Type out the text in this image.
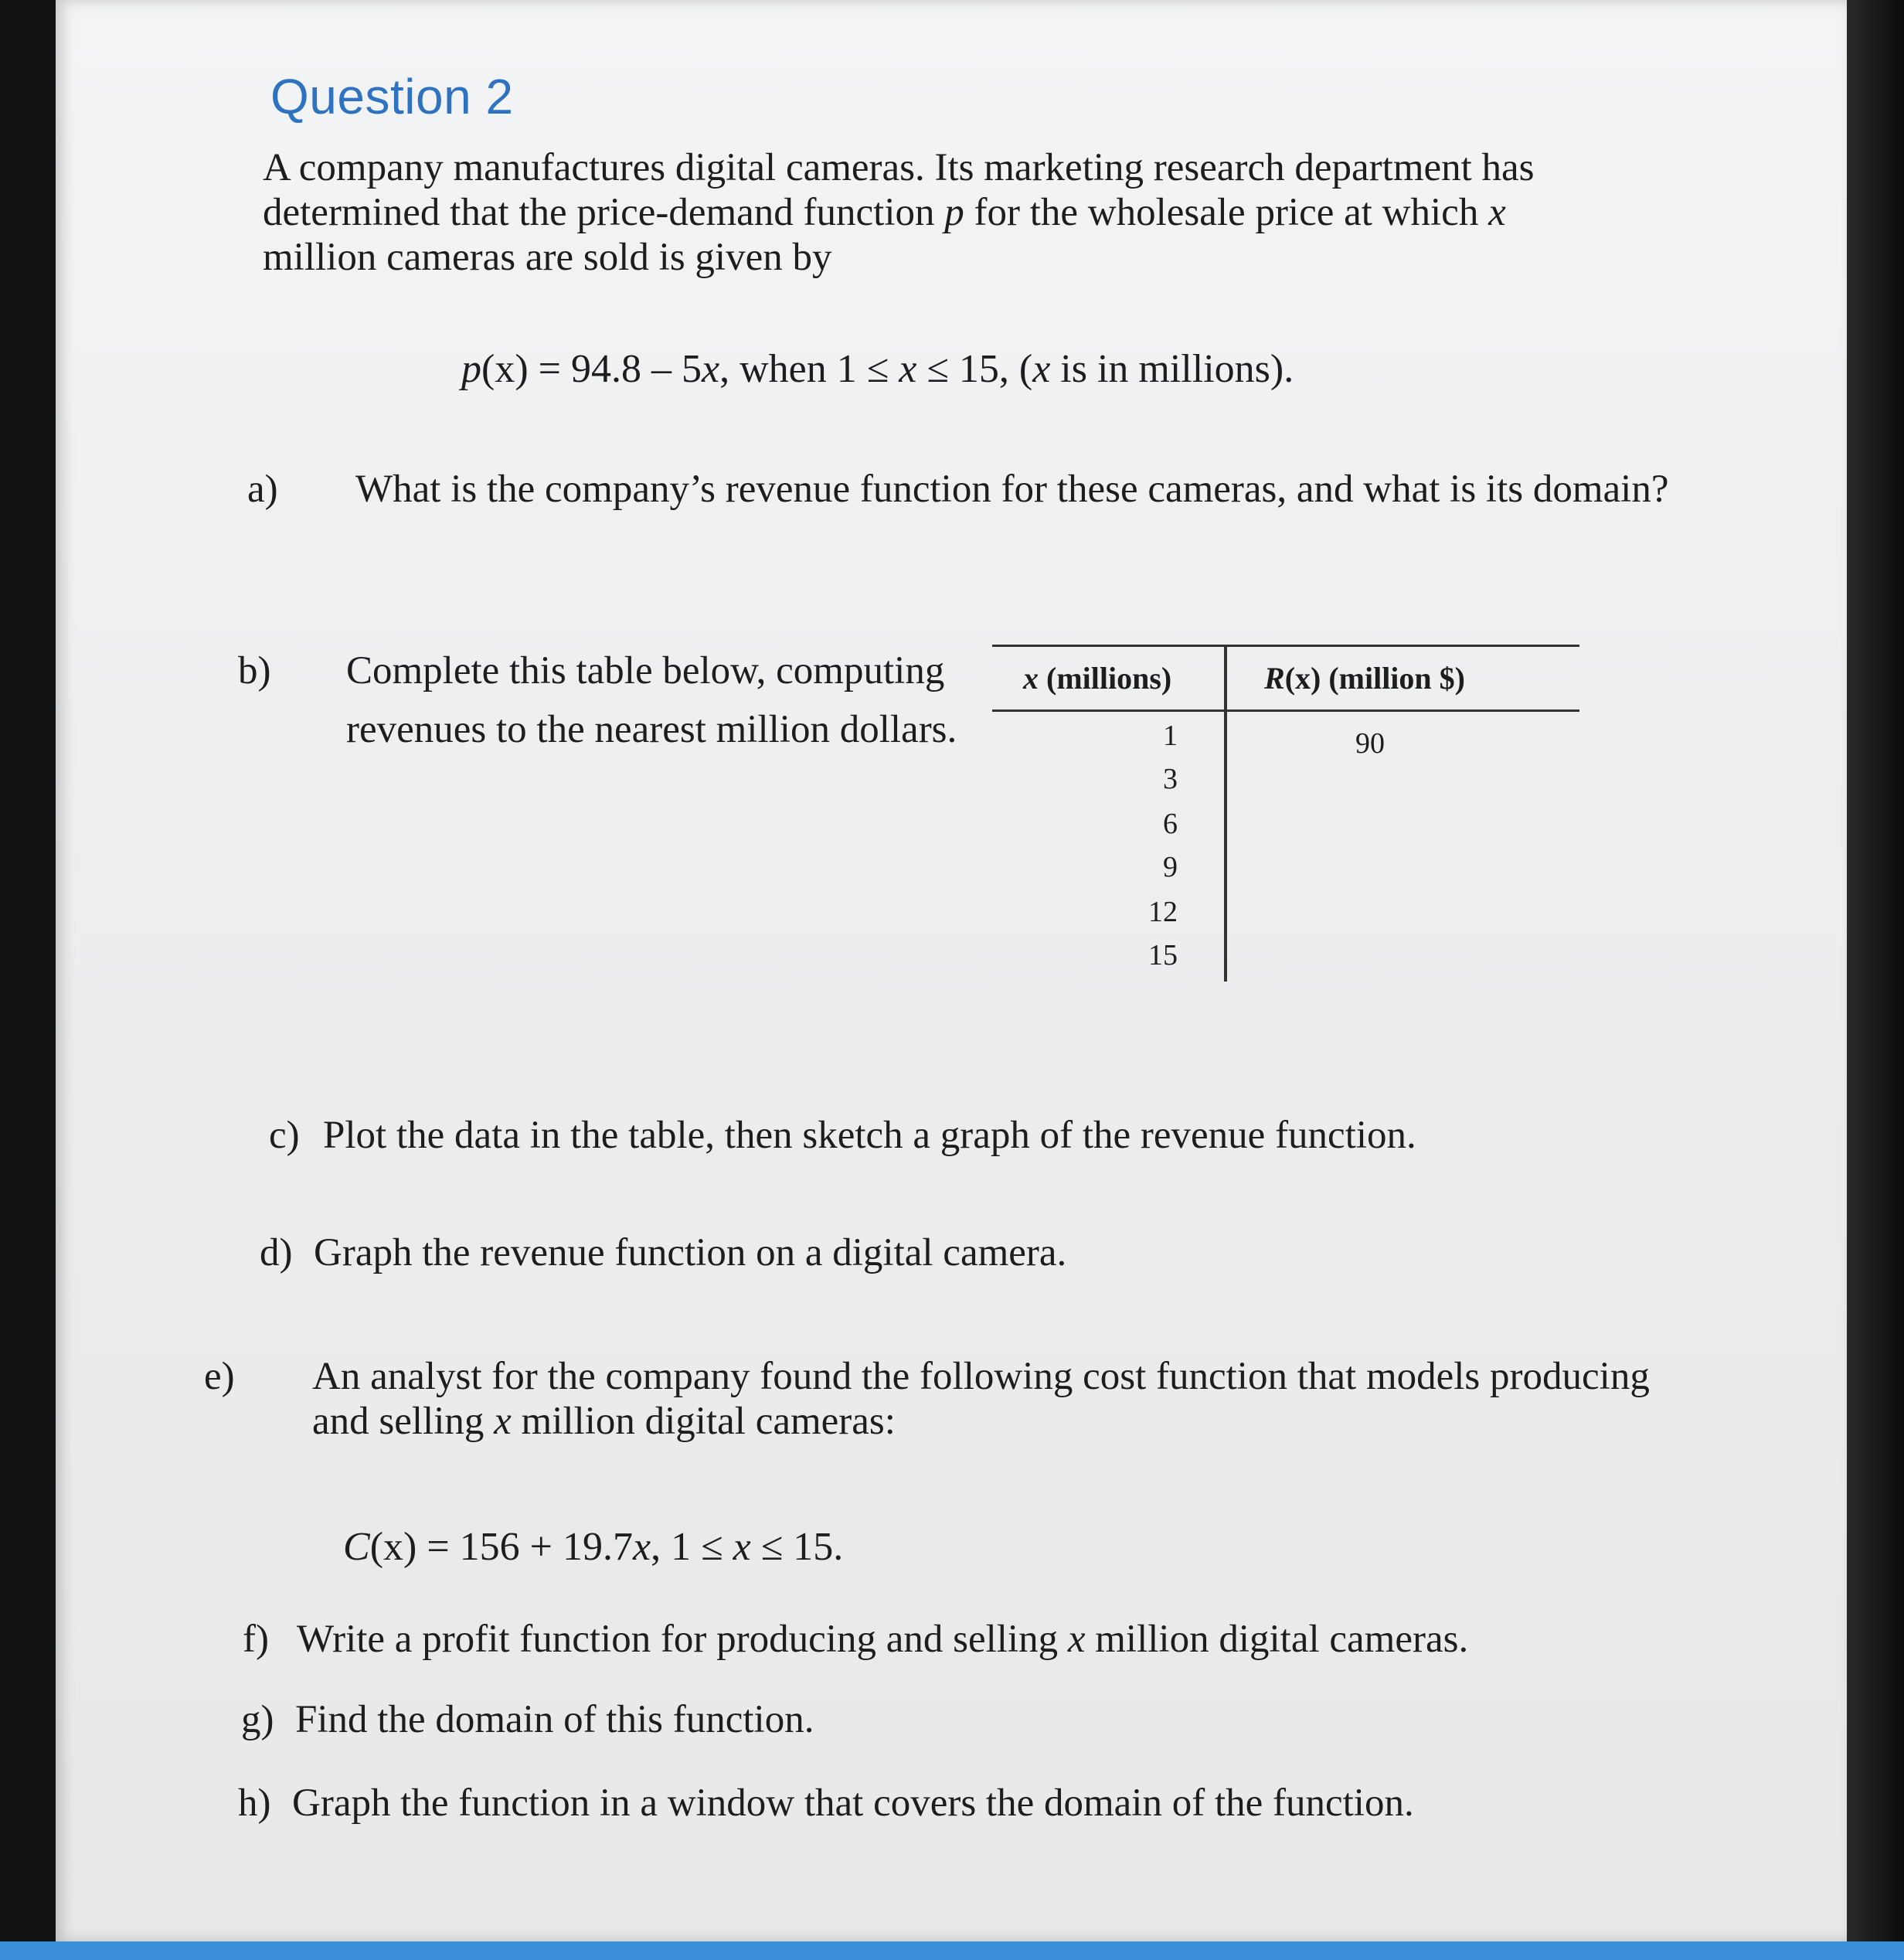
Question 2

A company manufactures digital cameras. Its marketing research department has
determined that the price-demand function p for the wholesale price at which x
million cameras are sold is given by

p(x) = 94.8 – 5x, when 1 ≤ x ≤ 15, (x is in millions).

a) What is the company’s revenue function for these cameras, and what is its domain?

b) Complete this table below, computing revenues to the nearest million dollars.

x (millions)	R(x) (million $)
1
3
6
9
12
15
90

c) Plot the data in the table, then sketch a graph of the revenue function.

d) Graph the revenue function on a digital camera.

e) An analyst for the company found the following cost function that models producing and selling x million digital cameras:

C(x) = 156 + 19.7x, 1 ≤ x ≤ 15.

f) Write a profit function for producing and selling x million digital cameras.

g) Find the domain of this function.

h) Graph the function in a window that covers the domain of the function.
